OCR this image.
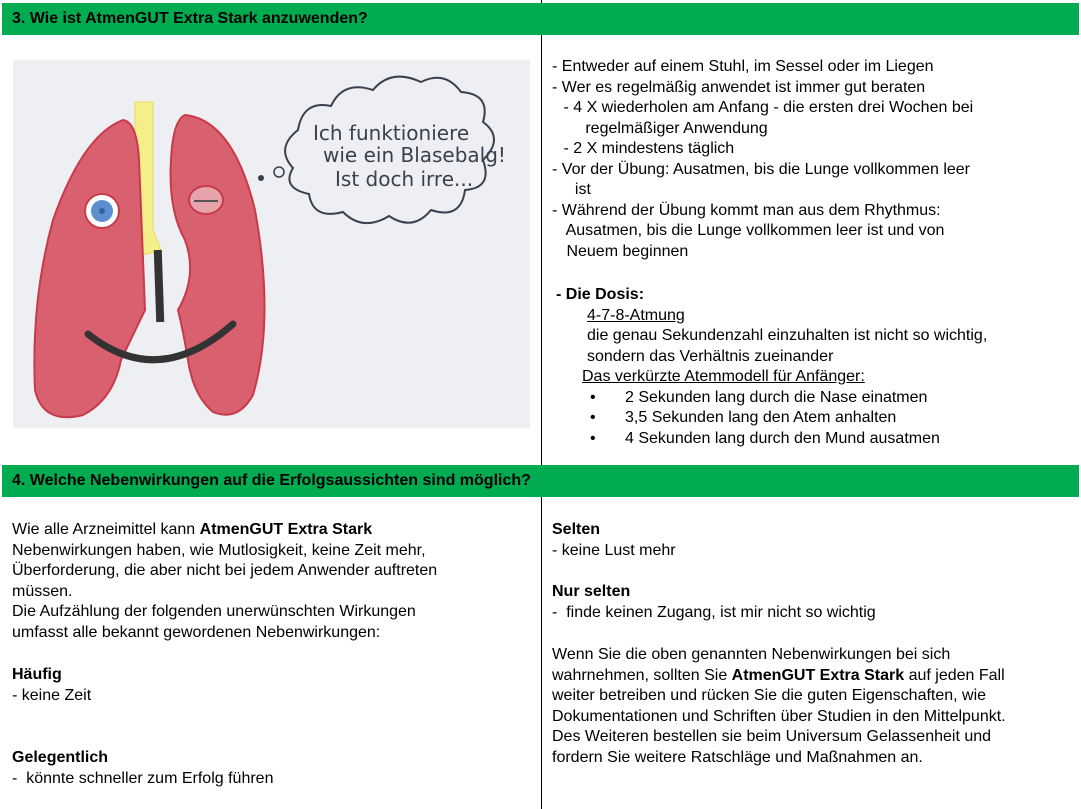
3. Wie ist AtmenGUT Extra Stark anzuwenden?
Ich funktioniere
wie ein Blasebalg!
Ist doch irre...
- Entweder auf einem Stuhl, im Sessel oder im Liegen
- Wer es regelmäßig anwendet ist immer gut beraten
- 4 X wiederholen am Anfang - die ersten drei Wochen bei
regelmäßiger Anwendung
- 2 X mindestens täglich
- Vor der Übung: Ausatmen, bis die Lunge vollkommen leer
ist
- Während der Übung kommt man aus dem Rhythmus:
Ausatmen, bis die Lunge vollkommen leer ist und von
Neuem beginnen
- Die Dosis:
4-7-8-Atmung
die genau Sekundenzahl einzuhalten ist nicht so wichtig,
sondern das Verhältnis zueinander
Das verkürzte Atemmodell für Anfänger:
• 2 Sekunden lang durch die Nase einatmen
• 3,5 Sekunden lang den Atem anhalten
• 4 Sekunden lang durch den Mund ausatmen
4. Welche Nebenwirkungen auf die Erfolgsaussichten sind möglich?
Wie alle Arzneimittel kann AtmenGUT Extra Stark
Nebenwirkungen haben, wie Mutlosigkeit, keine Zeit mehr,
Überforderung, die aber nicht bei jedem Anwender auftreten
müssen.
Die Aufzählung der folgenden unerwünschten Wirkungen
umfasst alle bekannt gewordenen Nebenwirkungen:
Häufig
- keine Zeit
Gelegentlich
-  könnte schneller zum Erfolg führen
Selten
- keine Lust mehr
Nur selten
-  finde keinen Zugang, ist mir nicht so wichtig
Wenn Sie die oben genannten Nebenwirkungen bei sich
wahrnehmen, sollten Sie AtmenGUT Extra Stark auf jeden Fall
weiter betreiben und rücken Sie die guten Eigenschaften, wie
Dokumentationen und Schriften über Studien in den Mittelpunkt.
Des Weiteren bestellen sie beim Universum Gelassenheit und
fordern Sie weitere Ratschläge und Maßnahmen an.
